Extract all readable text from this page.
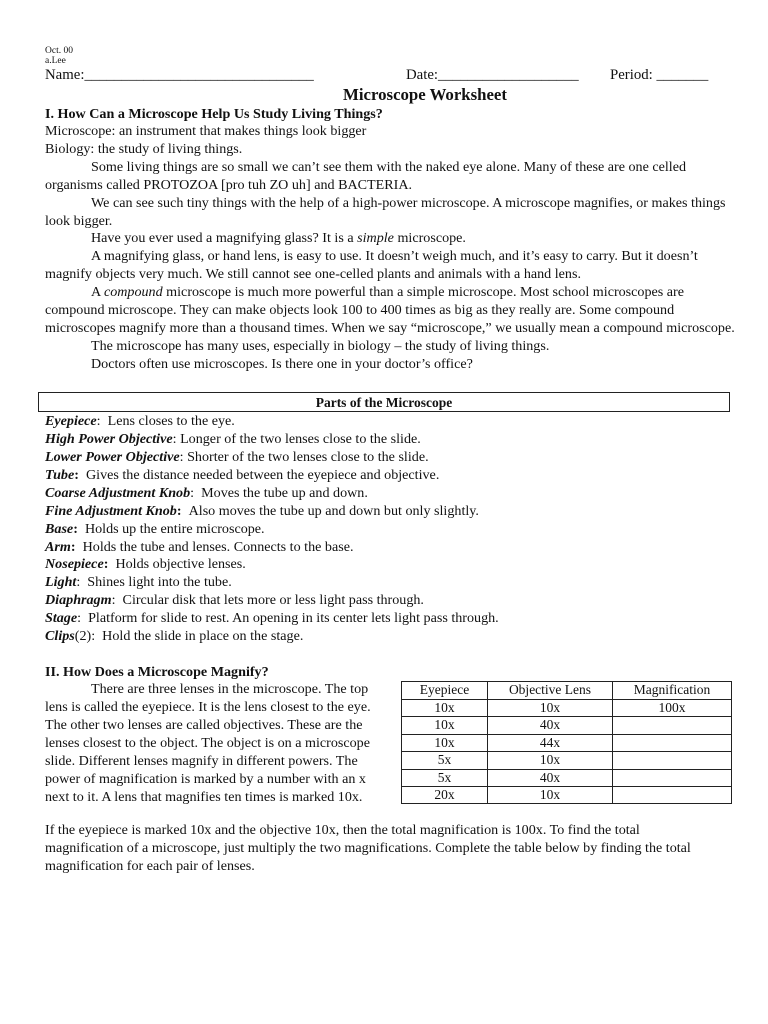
Oct. 00
a.Lee
Name:_______________________________	Date:___________________ Period: _______
Microscope Worksheet
I. How Can a Microscope Help Us Study Living Things?

Microscope: an instrument that makes things look bigger

Biology: the study of living things.

Some living things are so small we can’t see them with the naked eye alone. Many of these are one celled organisms called PROTOZOA [pro tuh ZO uh] and BACTERIA.

We can see such tiny things with the help of a high-power microscope. A microscope magnifies, or makes things look bigger.

Have you ever used a magnifying glass? It is a simple microscope.

A magnifying glass, or hand lens, is easy to use. It doesn’t weigh much, and it’s easy to carry. But it doesn’t magnify objects very much. We still cannot see one-celled plants and animals with a hand lens.

A compound microscope is much more powerful than a simple microscope. Most school microscopes are compound microscope. They can make objects look 100 to 400 times as big as they really are. Some compound microscopes magnify more than a thousand times. When we say “microscope,” we usually mean a compound microscope.

The microscope has many uses, especially in biology – the study of living things.

Doctors often use microscopes. Is there one in your doctor’s office?

Parts of the Microscope
Eyepiece:  Lens closes to the eye.
High Power Objective: Longer of the two lenses close to the slide.
Lower Power Objective: Shorter of the two lenses close to the slide.
Tube:  Gives the distance needed between the eyepiece and objective.
Coarse Adjustment Knob:  Moves the tube up and down.
Fine Adjustment Knob:  Also moves the tube up and down but only slightly.
Base:  Holds up the entire microscope.
Arm:  Holds the tube and lenses. Connects to the base.
Nosepiece:  Holds objective lenses.
Light:  Shines light into the tube.
Diaphragm:  Circular disk that lets more or less light pass through.
Stage:  Platform for slide to rest. An opening in its center lets light pass through.
Clips(2):  Hold the slide in place on the stage.
II. How Does a Microscope Magnify?

There are three lenses in the microscope. The top lens is called the eyepiece. It is the lens closest to the eye. The other two lenses are called objectives. These are the lenses closest to the object. The object is on a microscope slide. Different lenses magnify in different powers. The power of magnification is marked by a number with an x next to it. A lens that magnifies ten times is marked 10x.

Eyepiece	Objective Lens	Magnification
10x	10x	100x
10x	40x	
10x	44x	
5x	10x	
5x	40x	
20x	10x	

If the eyepiece is marked 10x and the objective 10x, then the total magnification is 100x. To find the total magnification of a microscope, just multiply the two magnifications. Complete the table below by finding the total magnification for each pair of lenses.
